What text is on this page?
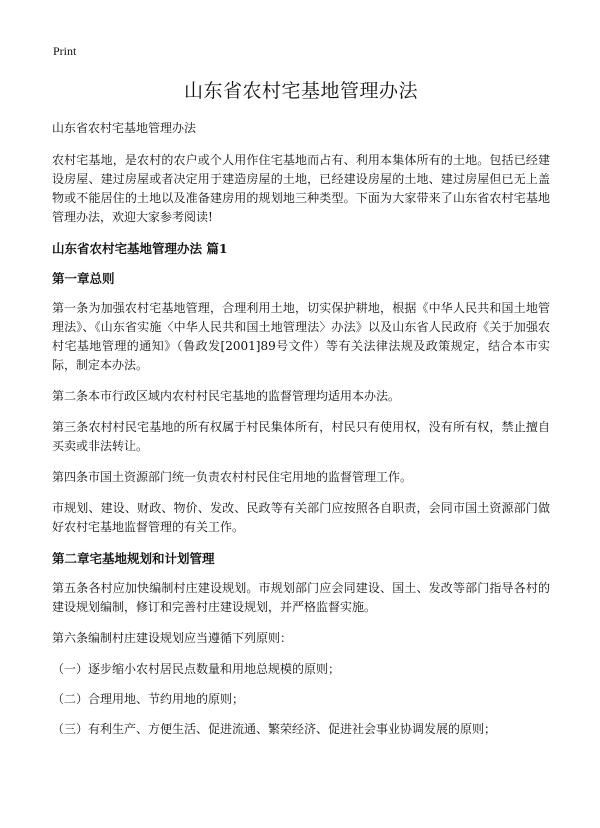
Print
山东省农村宅基地管理办法

山东省农村宅基地管理办法

农村宅基地，是农村的农户或个人用作住宅基地而占有、利用本集体所有的土地。包括已经建设房屋、建过房屋或者决定用于建造房屋的土地，已经建设房屋的土地、建过房屋但已无上盖物或不能居住的土地以及准备建房用的规划地三种类型。下面为大家带来了山东省农村宅基地管理办法，欢迎大家参考阅读!

山东省农村宅基地管理办法 篇1
第一章总则

第一条为加强农村宅基地管理，合理利用土地，切实保护耕地，根据《中华人民共和国土地管理法》、《山东省实施〈中华人民共和国土地管理法〉办法》以及山东省人民政府《关于加强农村宅基地管理的通知》（鲁政发[2001]89号文件）等有关法律法规及政策规定，结合本市实际，制定本办法。

第二条本市行政区域内农村村民宅基地的监督管理均适用本办法。

第三条农村村民宅基地的所有权属于村民集体所有，村民只有使用权，没有所有权，禁止擅自买卖或非法转让。

第四条市国土资源部门统一负责农村村民住宅用地的监督管理工作。

市规划、建设、财政、物价、发改、民政等有关部门应按照各自职责，会同市国土资源部门做好农村宅基地监督管理的有关工作。

第二章宅基地规划和计划管理

第五条各村应加快编制村庄建设规划。市规划部门应会同建设、国土、发改等部门指导各村的建设规划编制，修订和完善村庄建设规划，并严格监督实施。

第六条编制村庄建设规划应当遵循下列原则：

（一）逐步缩小农村居民点数量和用地总规模的原则；

（二）合理用地、节约用地的原则；

（三）有利生产、方便生活、促进流通、繁荣经济、促进社会事业协调发展的原则；
